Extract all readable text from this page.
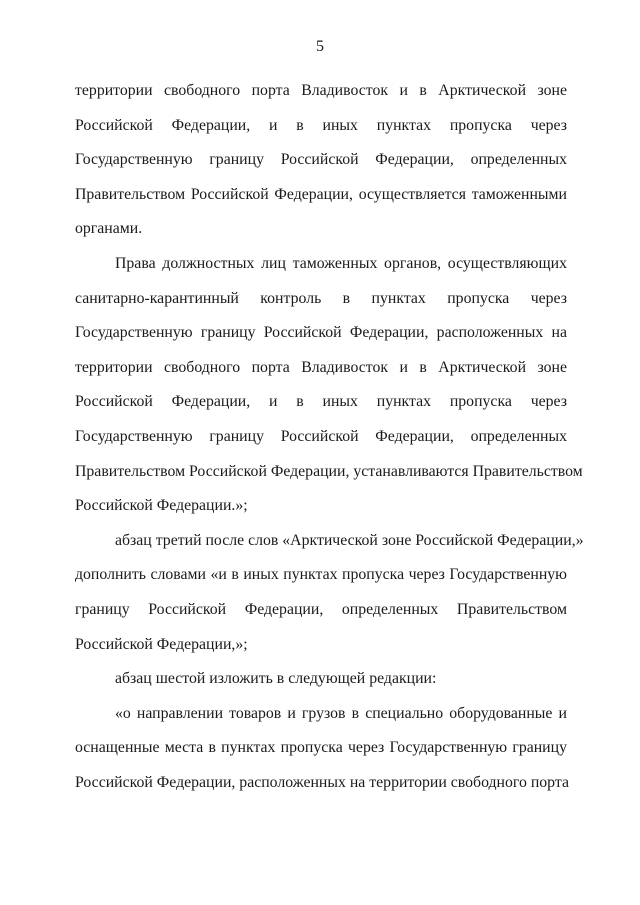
5
территории свободного порта Владивосток и в Арктической зоне
Российской Федерации, и в иных пунктах пропуска через
Государственную границу Российской Федерации, определенных
Правительством Российской Федерации, осуществляется таможенными
органами.
Права должностных лиц таможенных органов, осуществляющих
санитарно-карантинный контроль в пунктах пропуска через
Государственную границу Российской Федерации, расположенных на
территории свободного порта Владивосток и в Арктической зоне
Российской Федерации, и в иных пунктах пропуска через
Государственную границу Российской Федерации, определенных
Правительством Российской Федерации, устанавливаются Правительством
Российской Федерации.»;
абзац третий после слов «Арктической зоне Российской Федерации,»
дополнить словами «и в иных пунктах пропуска через Государственную
границу Российской Федерации, определенных Правительством
Российской Федерации,»;
абзац шестой изложить в следующей редакции:
«о направлении товаров и грузов в специально оборудованные и
оснащенные места в пунктах пропуска через Государственную границу
Российской Федерации, расположенных на территории свободного порта
